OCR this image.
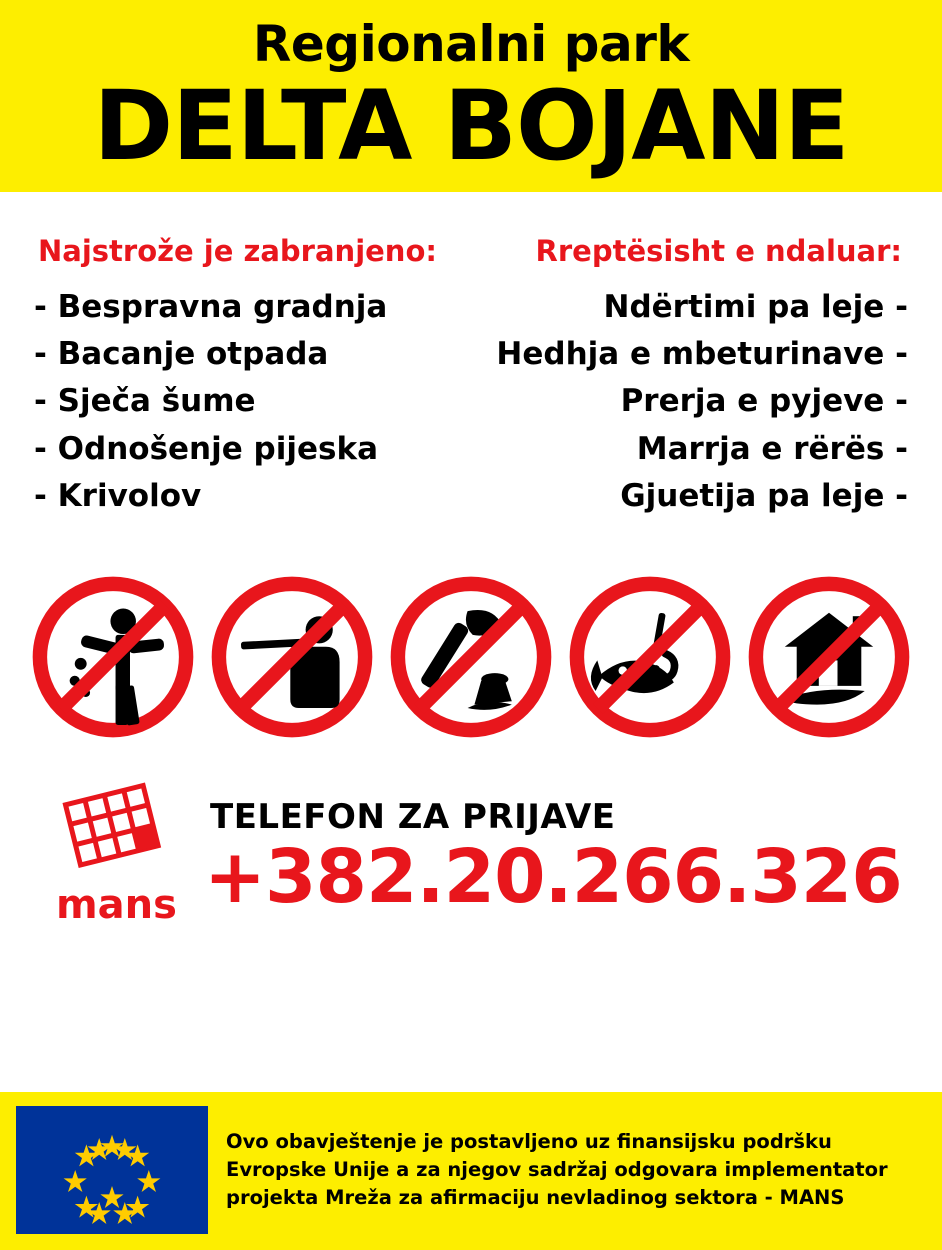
Regionalni park
DELTA BOJANE
Najstrože je zabranjeno:
- Bespravna gradnja
- Bacanje otpada
- Sječa šume
- Odnošenje pijeska
- Krivolov
Rreptësisht e ndaluar:
Ndërtimi pa leje -
Hedhja e mbeturinave -
Prerja e pyjeve -
Marrja e rërës -
Gjuetija pa leje -
mans
TELEFON ZA PRIJAVE
+382.20.266.326
Ovo obavještenje je postavljeno uz finansijsku podršku
Evropske Unije a za njegov sadržaj odgovara implementator
projekta Mreža za afirmaciju nevladinog sektora - MANS
